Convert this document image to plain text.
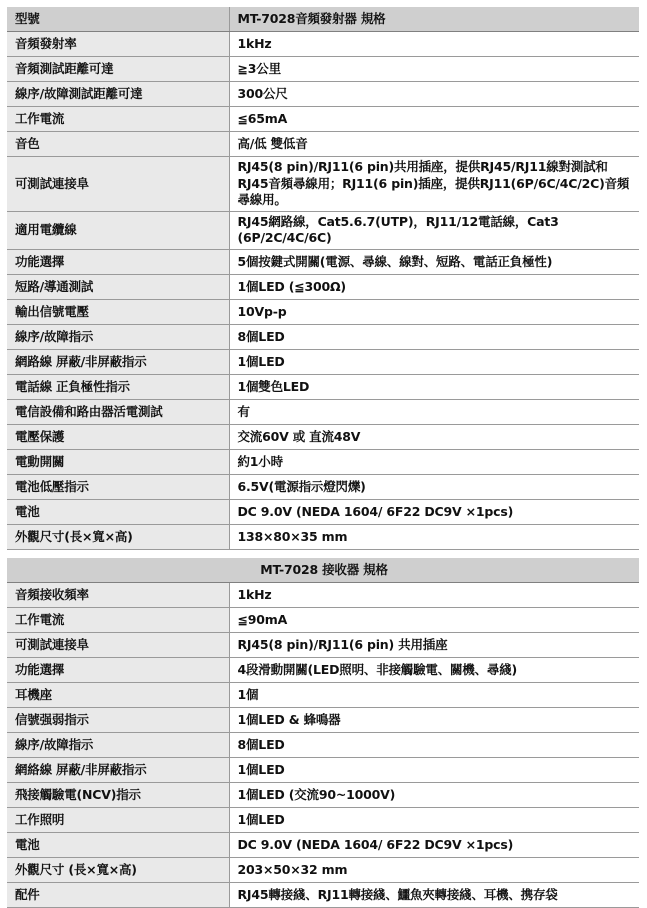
型號	MT-7028音頻發射器 規格
音頻發射率	1kHz
音頻測試距離可達	≧3公里
線序/故障測試距離可達	300公尺
工作電流	≦65mA
音色	高/低 雙低音
可測試連接阜	RJ45(8 pin)/RJ11(6 pin)共用插座，提供RJ45/RJ11線對測試和RJ45音頻尋線用；RJ11(6 pin)插座，提供RJ11(6P/6C/4C/2C)音頻尋線用。
適用電纜線	RJ45網路線，Cat5.6.7(UTP)，RJ11/12電話線，Cat3 (6P/2C/4C/6C)
功能選擇	5個按鍵式開關(電源、尋線、線對、短路、電話正負極性)
短路/導通測試	1個LED (≦300Ω)
輸出信號電壓	10Vp-p
線序/故障指示	8個LED
網路線 屏蔽/非屏蔽指示	1個LED
電話線 正負極性指示	1個雙色LED
電信設備和路由器活電測試	有
電壓保護	交流60V 或 直流48V
電動開關	約1小時
電池低壓指示	6.5V(電源指示燈閃爍)
電池	DC 9.0V (NEDA 1604/ 6F22 DC9V ×1pcs)
外觀尺寸(長×寬×高)	138×80×35 mm
MT-7028 接收器 規格	
音頻接收頻率	1kHz
工作電流	≦90mA
可測試連接阜	RJ45(8 pin)/RJ11(6 pin) 共用插座
功能選擇	4段滑動開關(LED照明、非接觸驗電、關機、尋綫)
耳機座	1個
信號强弱指示	1個LED & 蜂鳴器
線序/故障指示	8個LED
網絡線 屏蔽/非屏蔽指示	1個LED
飛接觸驗電(NCV)指示	1個LED (交流90~1000V)
工作照明	1個LED
電池	DC 9.0V (NEDA 1604/ 6F22 DC9V ×1pcs)
外觀尺寸 (長×寬×高)	203×50×32 mm
配件	RJ45轉接綫、RJ11轉接綫、鱷魚夾轉接綫、耳機、携存袋
